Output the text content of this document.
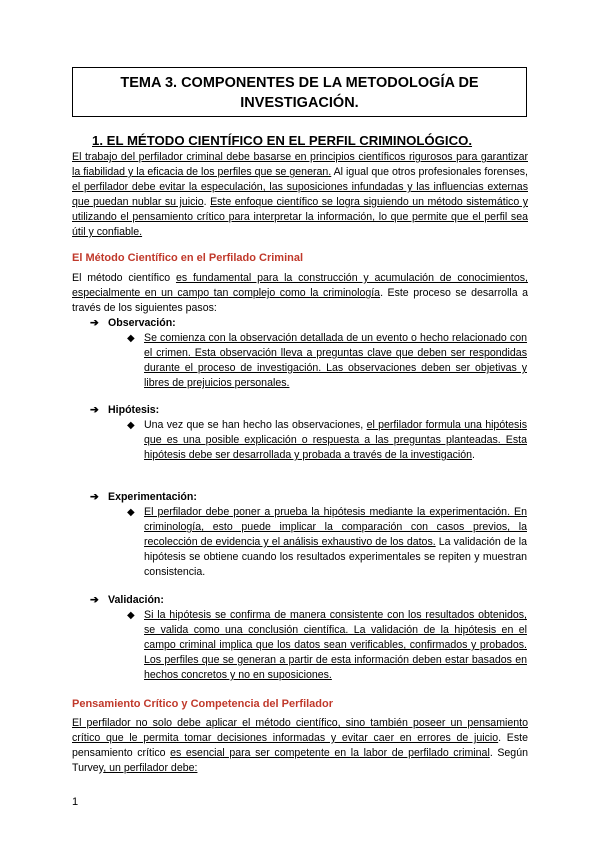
TEMA 3. COMPONENTES DE LA METODOLOGÍA DE
INVESTIGACIÓN.
1. EL MÉTODO CIENTÍFICO EN EL PERFIL CRIMINOLÓGICO.
El trabajo del perfilador criminal debe basarse en principios científicos rigurosos para garantizar la fiabilidad y la eficacia de los perfiles que se generan. Al igual que otros profesionales forenses, el perfilador debe evitar la especulación, las suposiciones infundadas y las influencias externas que puedan nublar su juicio. Este enfoque científico se logra siguiendo un método sistemático y utilizando el pensamiento crítico para interpretar la información, lo que permite que el perfil sea útil y confiable.
El Método Científico en el Perfilado Criminal
El método científico es fundamental para la construcción y acumulación de conocimientos, especialmente en un campo tan complejo como la criminología. Este proceso se desarrolla a través de los siguientes pasos:
➔ Observación:
◆ Se comienza con la observación detallada de un evento o hecho relacionado con el crimen. Esta observación lleva a preguntas clave que deben ser respondidas durante el proceso de investigación. Las observaciones deben ser objetivas y libres de prejuicios personales.
➔ Hipótesis:
◆ Una vez que se han hecho las observaciones, el perfilador formula una hipótesis que es una posible explicación o respuesta a las preguntas planteadas. Esta hipótesis debe ser desarrollada y probada a través de la investigación.
➔ Experimentación:
◆ El perfilador debe poner a prueba la hipótesis mediante la experimentación. En criminología, esto puede implicar la comparación con casos previos, la recolección de evidencia y el análisis exhaustivo de los datos. La validación de la hipótesis se obtiene cuando los resultados experimentales se repiten y muestran consistencia.
➔ Validación:
◆ Si la hipótesis se confirma de manera consistente con los resultados obtenidos, se valida como una conclusión científica. La validación de la hipótesis en el campo criminal implica que los datos sean verificables, confirmados y probados. Los perfiles que se generan a partir de esta información deben estar basados en hechos concretos y no en suposiciones.
Pensamiento Crítico y Competencia del Perfilador
El perfilador no solo debe aplicar el método científico, sino también poseer un pensamiento crítico que le permita tomar decisiones informadas y evitar caer en errores de juicio. Este pensamiento crítico es esencial para ser competente en la labor de perfilado criminal. Según Turvey, un perfilador debe:
1
